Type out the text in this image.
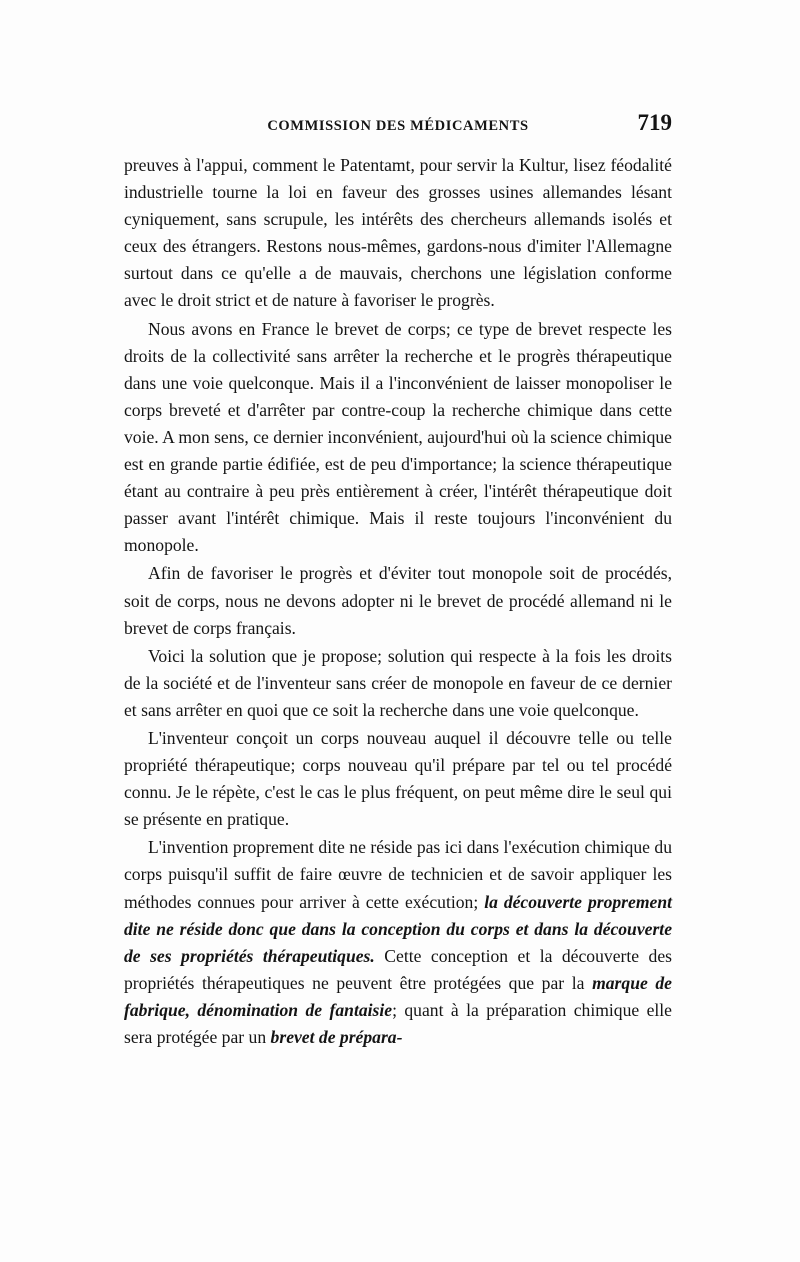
COMMISSION DES MÉDICAMENTS	719

preuves à l'appui, comment le Patentamt, pour servir la Kultur, lisez féodalité industrielle tourne la loi en faveur des grosses usines allemandes lésant cyniquement, sans scrupule, les intérêts des chercheurs allemands isolés et ceux des étrangers. Restons nous-mêmes, gardons-nous d'imiter l'Allemagne surtout dans ce qu'elle a de mauvais, cherchons une législation conforme avec le droit strict et de nature à favoriser le progrès.

Nous avons en France le brevet de corps; ce type de brevet respecte les droits de la collectivité sans arrêter la recherche et le progrès thérapeutique dans une voie quelconque. Mais il a l'inconvénient de laisser monopoliser le corps breveté et d'arrêter par contre-coup la recherche chimique dans cette voie. A mon sens, ce dernier inconvénient, aujourd'hui où la science chimique est en grande partie édifiée, est de peu d'importance; la science thérapeutique étant au contraire à peu près entièrement à créer, l'intérêt thérapeutique doit passer avant l'intérêt chimique. Mais il reste toujours l'inconvénient du monopole.

Afin de favoriser le progrès et d'éviter tout monopole soit de procédés, soit de corps, nous ne devons adopter ni le brevet de procédé allemand ni le brevet de corps français.

Voici la solution que je propose; solution qui respecte à la fois les droits de la société et de l'inventeur sans créer de monopole en faveur de ce dernier et sans arrêter en quoi que ce soit la recherche dans une voie quelconque.

L'inventeur conçoit un corps nouveau auquel il découvre telle ou telle propriété thérapeutique; corps nouveau qu'il prépare par tel ou tel procédé connu. Je le répète, c'est le cas le plus fréquent, on peut même dire le seul qui se présente en pratique.

L'invention proprement dite ne réside pas ici dans l'exécution chimique du corps puisqu'il suffit de faire œuvre de technicien et de savoir appliquer les méthodes connues pour arriver à cette exécution; la découverte proprement dite ne réside donc que dans la conception du corps et dans la découverte de ses propriétés thérapeutiques. Cette conception et la découverte des propriétés thérapeutiques ne peuvent être protégées que par la marque de fabrique, dénomination de fantaisie; quant à la préparation chimique elle sera protégée par un brevet de prépara-
